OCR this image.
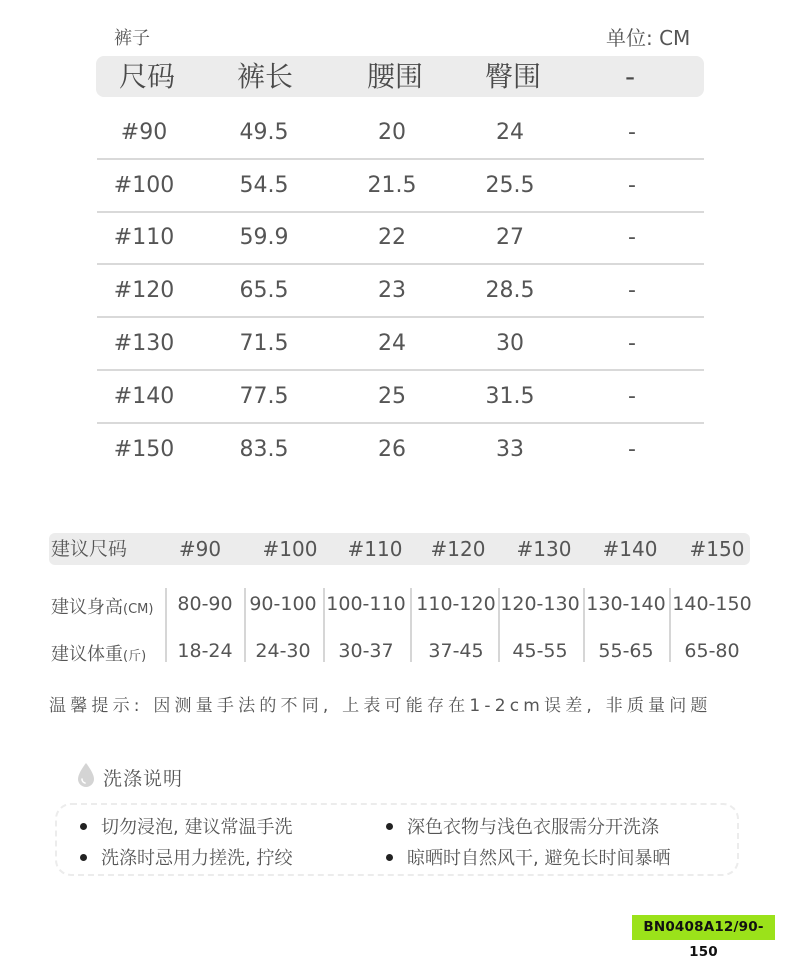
裤子	单位: CM
尺码	裤长	腰围	臀围	-
#90	49.5	20	24	-
#100	54.5	21.5	25.5	-
#110	59.9	22	27	-
#120	65.5	23	28.5	-
#130	71.5	24	30	-
#140	77.5	25	31.5	-
#150	83.5	26	33	-
建议尺码	#90	#100	#110	#120	#130	#140	#150
建议身高(CM)	80-90 90-100 100-110 110-120 120-130 130-140 140-150
建议体重(斤)	18-24	24-30	30-37	37-45	45-55	55-65	65-80
温馨提示: 因测量手法的不同, 上表可能存在1-2cm误差, 非质量问题
洗涤说明
切勿浸泡, 建议常温手洗	深色衣物与浅色衣服需分开洗涤
洗涤时忌用力搓洗, 拧绞	晾晒时自然风干, 避免长时间暴晒
BN0408A12/90-150
